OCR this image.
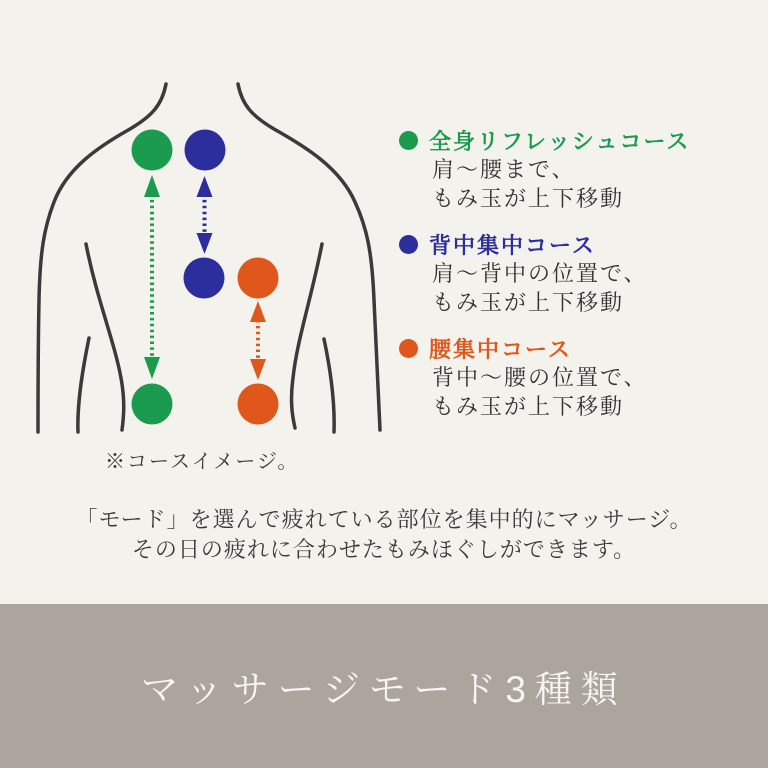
※コースイメージ。
全身リフレッシュコース
肩～腰まで、
もみ玉が上下移動
背中集中コース
肩～背中の位置で、
もみ玉が上下移動
腰集中コース
背中～腰の位置で、
もみ玉が上下移動
「モード」を選んで疲れている部位を集中的にマッサージ。
その日の疲れに合わせたもみほぐしができます。
マッサージモード3種類
